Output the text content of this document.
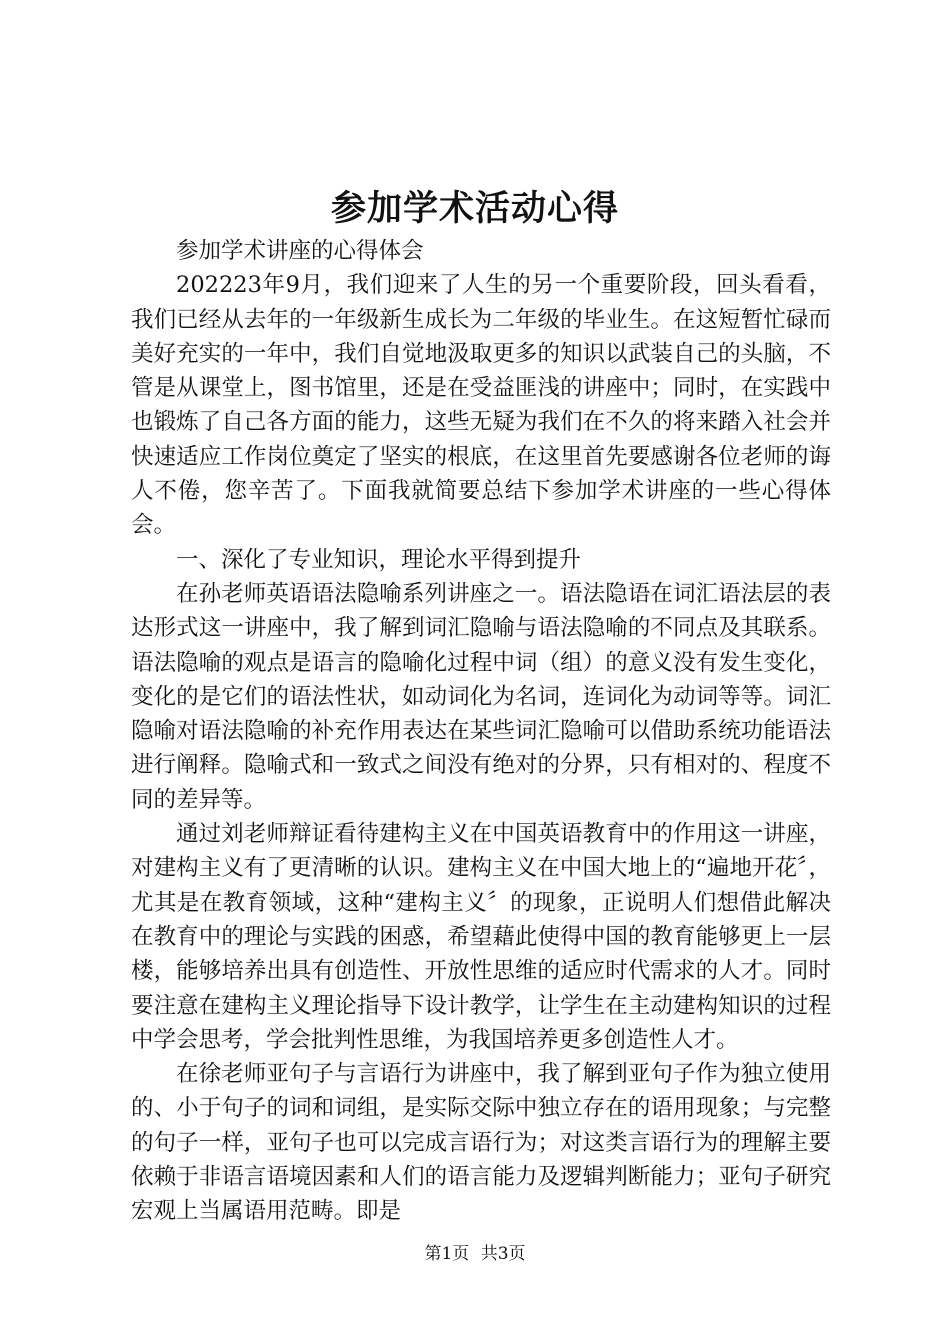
参加学术活动心得

参加学术讲座的心得体会

202223年9月，我们迎来了人生的另一个重要阶段，回头看看，我们已经从去年的一年级新生成长为二年级的毕业生。在这短暂忙碌而美好充实的一年中，我们自觉地汲取更多的知识以武装自己的头脑，不管是从课堂上，图书馆里，还是在受益匪浅的讲座中；同时，在实践中也锻炼了自己各方面的能力，这些无疑为我们在不久的将来踏入社会并快速适应工作岗位奠定了坚实的根底，在这里首先要感谢各位老师的诲人不倦，您辛苦了。下面我就简要总结下参加学术讲座的一些心得体会。

一、深化了专业知识，理论水平得到提升

在孙老师英语语法隐喻系列讲座之一。语法隐语在词汇语法层的表达形式这一讲座中，我了解到词汇隐喻与语法隐喻的不同点及其联系。语法隐喻的观点是语言的隐喻化过程中词（组）的意义没有发生变化，变化的是它们的语法性状，如动词化为名词，连词化为动词等等。词汇隐喻对语法隐喻的补充作用表达在某些词汇隐喻可以借助系统功能语法进行阐释。隐喻式和一致式之间没有绝对的分界，只有相对的、程度不同的差异等。

通过刘老师辩证看待建构主义在中国英语教育中的作用这一讲座，对建构主义有了更清晰的认识。建构主义在中国大地上的“遍地开花〞，尤其是在教育领域，这种“建构主义〞的现象，正说明人们想借此解决在教育中的理论与实践的困惑，希望藉此使得中国的教育能够更上一层楼，能够培养出具有创造性、开放性思维的适应时代需求的人才。同时要注意在建构主义理论指导下设计教学，让学生在主动建构知识的过程中学会思考，学会批判性思维，为我国培养更多创造性人才。

在徐老师亚句子与言语行为讲座中，我了解到亚句子作为独立使用的、小于句子的词和词组，是实际交际中独立存在的语用现象；与完整的句子一样，亚句子也可以完成言语行为；对这类言语行为的理解主要依赖于非语言语境因素和人们的语言能力及逻辑判断能力；亚句子研究宏观上当属语用范畴。即是

第1页 共3页
